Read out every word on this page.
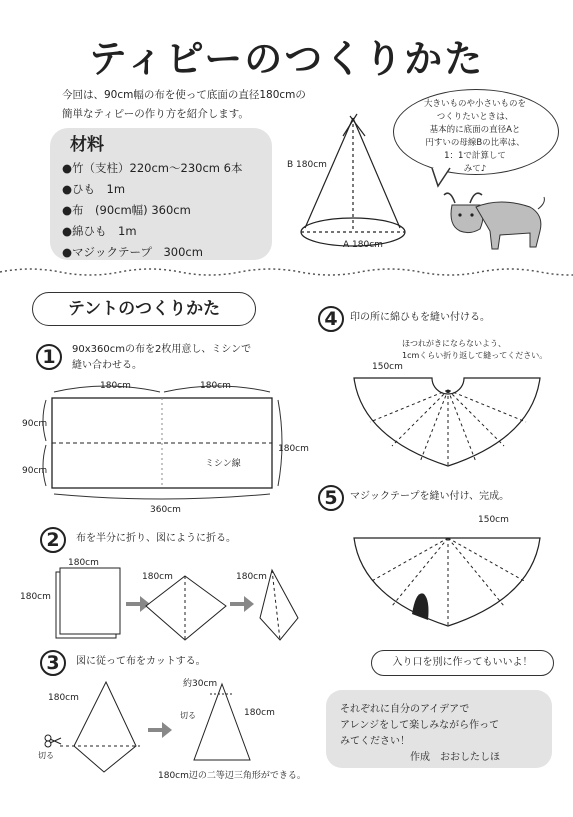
ティピーのつくりかた
今回は、90cm幅の布を使って底面の直径180cmの
簡単なティピーの作り方を紹介します。
材料
●竹（支柱）220cm〜230cm 6本
●ひも　1m
●布　(90cm幅) 360cm
●綿ひも　1m
●マジックテープ　300cm
B 180cm
A 180cm
大きいものや小さいものを
つくりたいときは、
基本的に底面の直径Aと
円すいの母線Bの比率は、
1：1で計算して
みて♪
テントのつくりかた
1	90x360cmの布を2枚用意し、ミシンで
縫い合わせる。
180cm	180cm
90cm
90cm
180cm
360cm
ミシン線
2	布を半分に折り、図にように折る。
180cm
180cm
180cm	180cm
3	図に従って布をカットする。
180cm
180cm
約30cm
切る
切る
180cm辺の二等辺三角形ができる。
4	印の所に綿ひもを縫い付ける。
ほつれがきにならないよう、
1cmくらい折り返して縫ってください。
150cm
5	マジックテープを縫い付け、完成。
150cm
入り口を別に作ってもいいよ！
それぞれに自分のアイデアで
アレンジをして楽しみながら作って
みてください！
作成　おおしたしほ
